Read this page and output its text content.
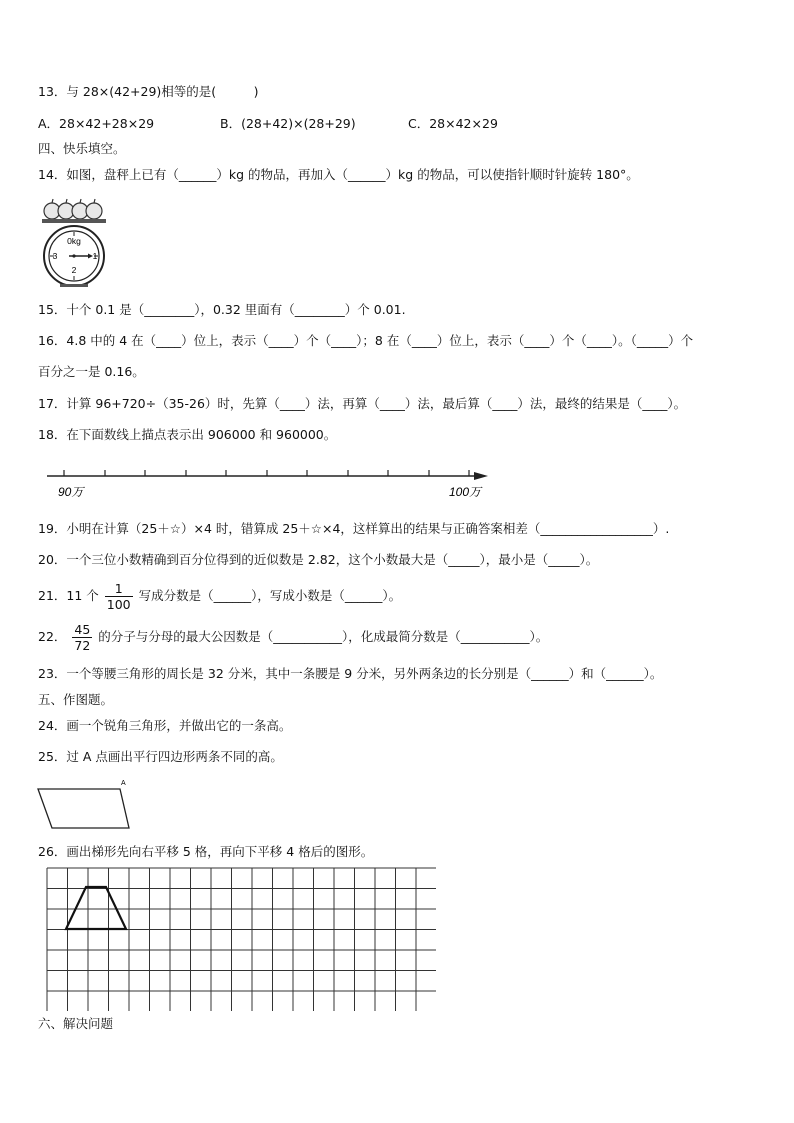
13．与 28×(42+29)相等的是(　　　)
A．28×42+28×29	B．(28+42)×(28+29)	C．28×42×29
四、快乐填空。
14．如图，盘秤上已有（______）kg 的物品，再加入（______）kg 的物品，可以使指针顺时针旋转 180°。
0kg
1
2
3
15．十个 0.1 是（________），0.32 里面有（________）个 0.01.
16．4.8 中的 4 在（____）位上，表示（____）个（____）；8 在（____）位上，表示（____）个（____）。（_____）个
百分之一是 0.16。
17．计算 96+720÷（35-26）时，先算（____）法，再算（____）法，最后算（____）法，最终的结果是（____）。
18．在下面数线上描点表示出 906000 和 960000。
90万	100万
19．小明在计算（25＋☆）×4 时，错算成 25＋☆×4，这样算出的结果与正确答案相差（__________________）.
20．一个三位小数精确到百分位得到的近似数是 2.82，这个小数最大是（_____），最小是（_____）。
21．11 个 $\frac{1}{100}$ 写成分数是（______），写成小数是（______）。
22． $\frac{45}{72}$ 的分子与分母的最大公因数是（___________），化成最简分数是（___________）。
23．一个等腰三角形的周长是 32 分米，其中一条腰是 9 分米，另外两条边的长分别是（______）和（______）。
五、作图题。
24．画一个锐角三角形，并做出它的一条高。
25．过 A 点画出平行四边形两条不同的高。
A
26．画出梯形先向右平移 5 格，再向下平移 4 格后的图形。
六、解决问题
